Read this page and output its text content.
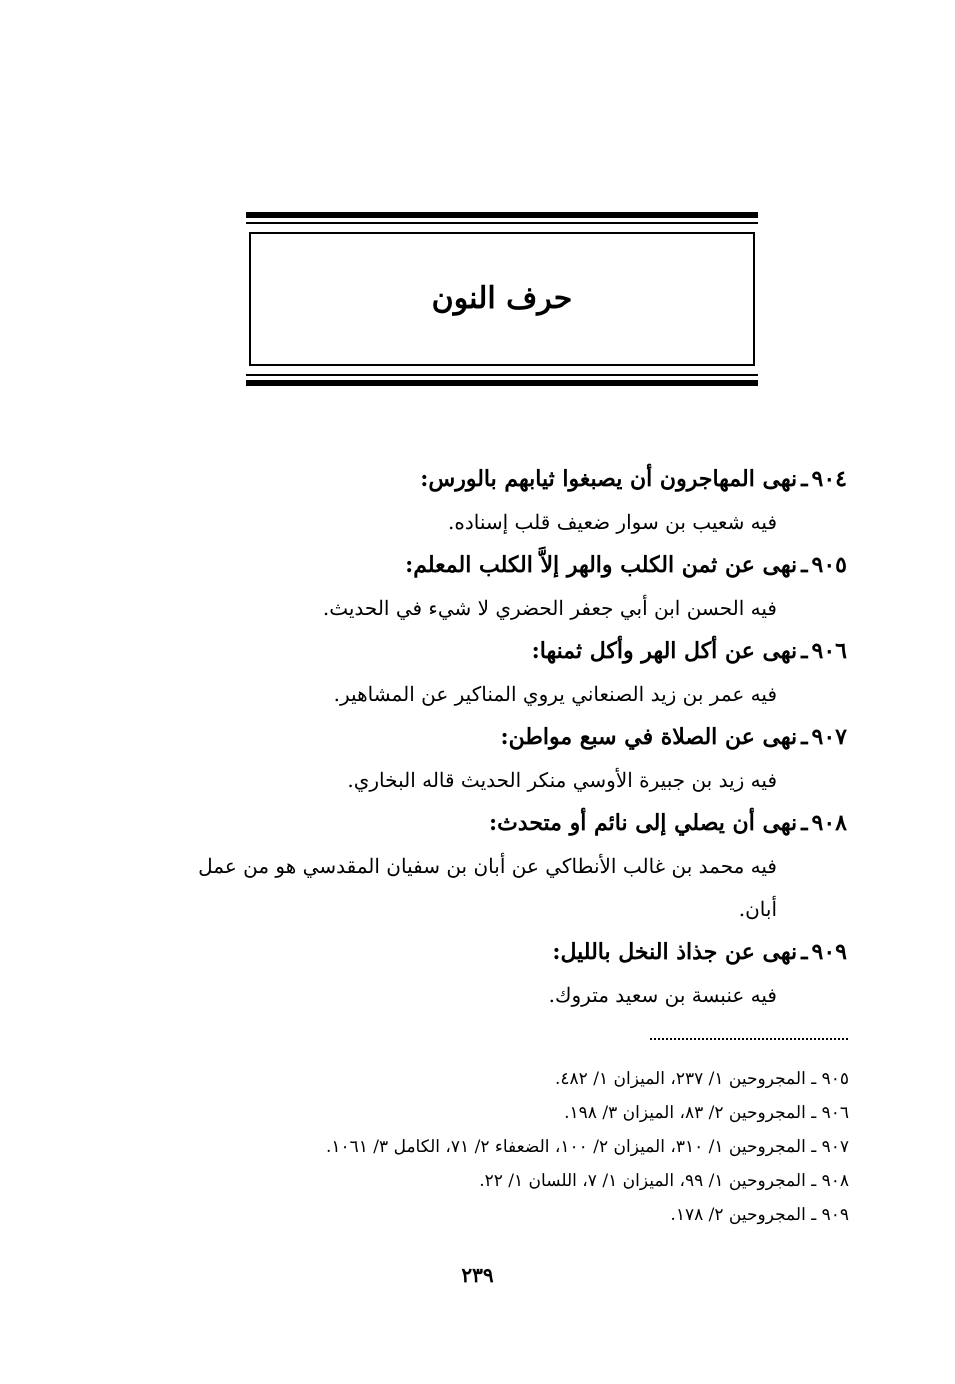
حرف النون
٩٠٤ـنهى المهاجرون أن يصبغوا ثيابهم بالورس:
فيه شعيب بن سوار ضعيف قلب إسناده.
٩٠٥ـنهى عن ثمن الكلب والهر إلاَّ الكلب المعلم:
فيه الحسن ابن أبي جعفر الحضري لا شيء في الحديث.
٩٠٦ـنهى عن أكل الهر وأكل ثمنها:
فيه عمر بن زيد الصنعاني يروي المناكير عن المشاهير.
٩٠٧ـنهى عن الصلاة في سبع مواطن:
فيه زيد بن جبيرة الأوسي منكر الحديث قاله البخاري.
٩٠٨ـنهى أن يصلي إلى نائم أو متحدث:
فيه محمد بن غالب الأنطاكي عن أبان بن سفيان المقدسي هو من عمل أبان.
٩٠٩ـنهى عن جذاذ النخل بالليل:
فيه عنبسة بن سعيد متروك.
٩٠٥ ـ المجروحين ١/ ٢٣٧، الميزان ١/ ٤٨٢.
٩٠٦ ـ المجروحين ٢/ ٨٣، الميزان ٣/ ١٩٨.
٩٠٧ ـ المجروحين ١/ ٣١٠، الميزان ٢/ ١٠٠، الضعفاء ٢/ ٧١، الكامل ٣/ ١٠٦١.
٩٠٨ ـ المجروحين ١/ ٩٩، الميزان ١/ ٧، اللسان ١/ ٢٢.
٩٠٩ ـ المجروحين ٢/ ١٧٨.
٢٣٩
